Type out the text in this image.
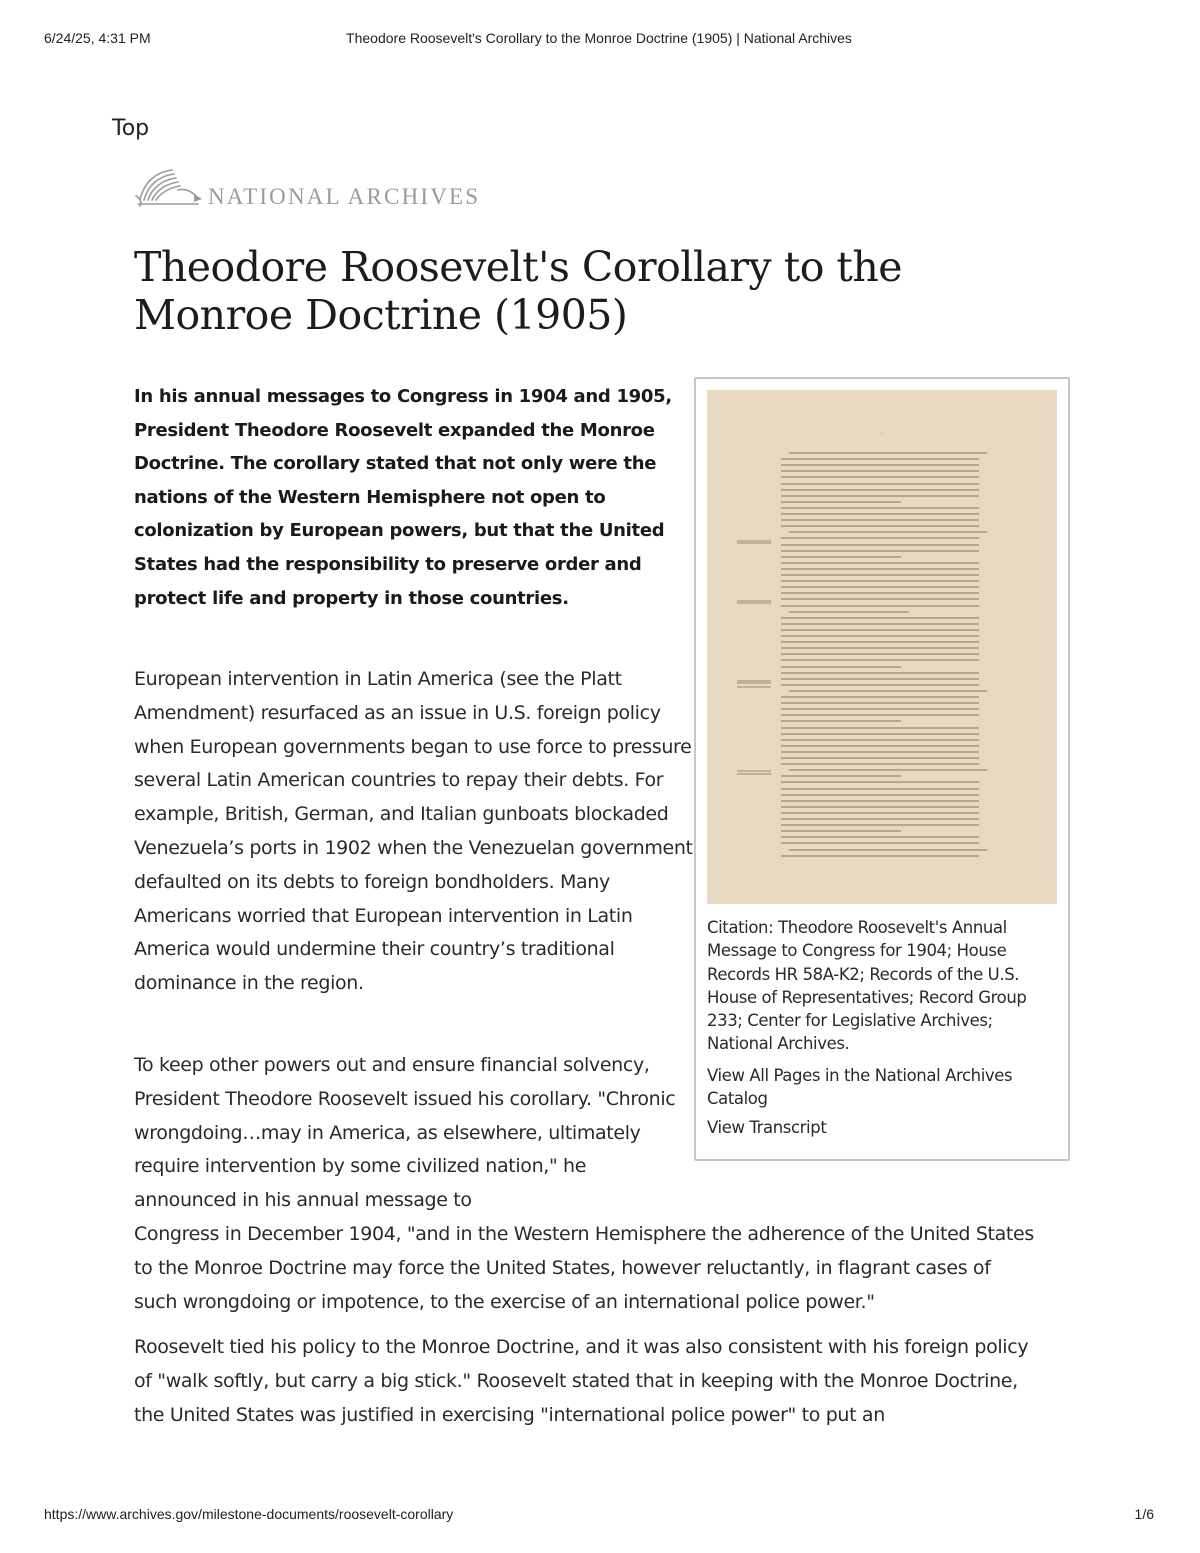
6/24/25, 4:31 PM	Theodore Roosevelt's Corollary to the Monroe Doctrine (1905) | National Archives
Top
NATIONAL ARCHIVES
Theodore Roosevelt's Corollary to the Monroe Doctrine (1905)

In his annual messages to Congress in 1904 and 1905, President Theodore Roosevelt expanded the Monroe Doctrine. The corollary stated that not only were the nations of the Western Hemisphere not open to colonization by European powers, but that the United States had the responsibility to preserve order and protect life and property in those countries.

European intervention in Latin America (see the Platt Amendment) resurfaced as an issue in U.S. foreign policy when European governments began to use force to pressure several Latin American countries to repay their debts. For example, British, German, and Italian gunboats blockaded Venezuela’s ports in 1902 when the Venezuelan government defaulted on its debts to foreign bondholders. Many Americans worried that European intervention in Latin America would undermine their country’s traditional dominance in the region.

To keep other powers out and ensure financial solvency, President Theodore Roosevelt issued his corollary. "Chronic wrongdoing…may in America, as elsewhere, ultimately require intervention by some civilized nation," he announced in his annual message to
Congress in December 1904, "and in the Western Hemisphere the adherence of the United States to the Monroe Doctrine may force the United States, however reluctantly, in flagrant cases of such wrongdoing or impotence, to the exercise of an international police power."

Roosevelt tied his policy to the Monroe Doctrine, and it was also consistent with his foreign policy of "walk softly, but carry a big stick." Roosevelt stated that in keeping with the Monroe Doctrine, the United States was justified in exercising "international police power" to put an

·

Citation: Theodore Roosevelt's Annual Message to Congress for 1904; House Records HR 58A-K2; Records of the U.S. House of Representatives; Record Group 233; Center for Legislative Archives; National Archives.

View All Pages in the National Archives Catalog
View Transcript
https://www.archives.gov/milestone-documents/roosevelt-corollary	1/6
